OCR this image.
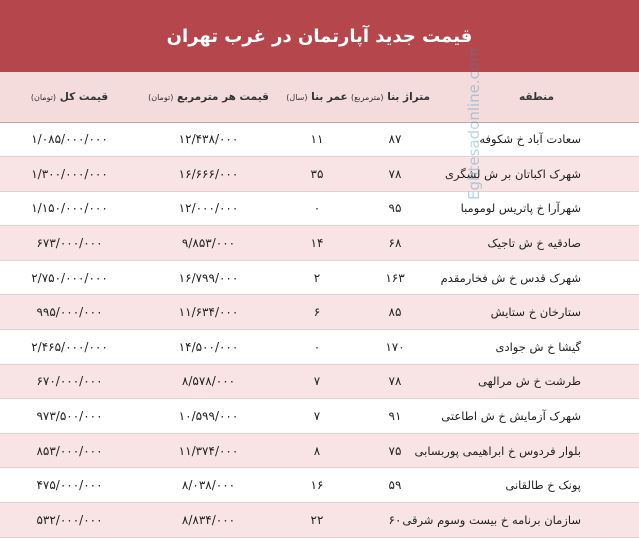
قیمت جدید آپارتمان در غرب تهران
منطقه	متراژ بنا (مترمربع)	عمر بنا (سال)	قیمت هر مترمربع (تومان)	قیمت کل (تومان)
سعادت آباد خ شکوفه	۸۷	۱۱	۱۲/۴۳۸/۰۰۰	۱/۰۸۵/۰۰۰/۰۰۰
شهرک اکباتان بر ش لشگری	۷۸	۳۵	۱۶/۶۶۶/۰۰۰	۱/۳۰۰/۰۰۰/۰۰۰
شهرآرا خ پاتریس لومومبا	۹۵	۰	۱۲/۰۰۰/۰۰۰	۱/۱۵۰/۰۰۰/۰۰۰
صادقیه خ ش تاجیک	۶۸	۱۴	۹/۸۵۳/۰۰۰	۶۷۳/۰۰۰/۰۰۰
شهرک قدس خ ش فخارمقدم	۱۶۳	۲	۱۶/۷۹۹/۰۰۰	۲/۷۵۰/۰۰۰/۰۰۰
ستارخان خ ستایش	۸۵	۶	۱۱/۶۳۴/۰۰۰	۹۹۵/۰۰۰/۰۰۰
گیشا خ ش جوادی	۱۷۰	۰	۱۴/۵۰۰/۰۰۰	۲/۴۶۵/۰۰۰/۰۰۰
طرشت خ ش مرالهی	۷۸	۷	۸/۵۷۸/۰۰۰	۶۷۰/۰۰۰/۰۰۰
شهرک آزمایش خ ش اطاعتی	۹۱	۷	۱۰/۵۹۹/۰۰۰	۹۷۳/۵۰۰/۰۰۰
بلوار فردوس خ ابراهیمی پوربسابی	۷۵	۸	۱۱/۳۷۴/۰۰۰	۸۵۳/۰۰۰/۰۰۰
پونک خ طالقانی	۵۹	۱۶	۸/۰۳۸/۰۰۰	۴۷۵/۰۰۰/۰۰۰
سازمان برنامه خ بیست وسوم شرقی	۶۰	۲۲	۸/۸۳۴/۰۰۰	۵۳۲/۰۰۰/۰۰۰
Eghtesadonline.com
